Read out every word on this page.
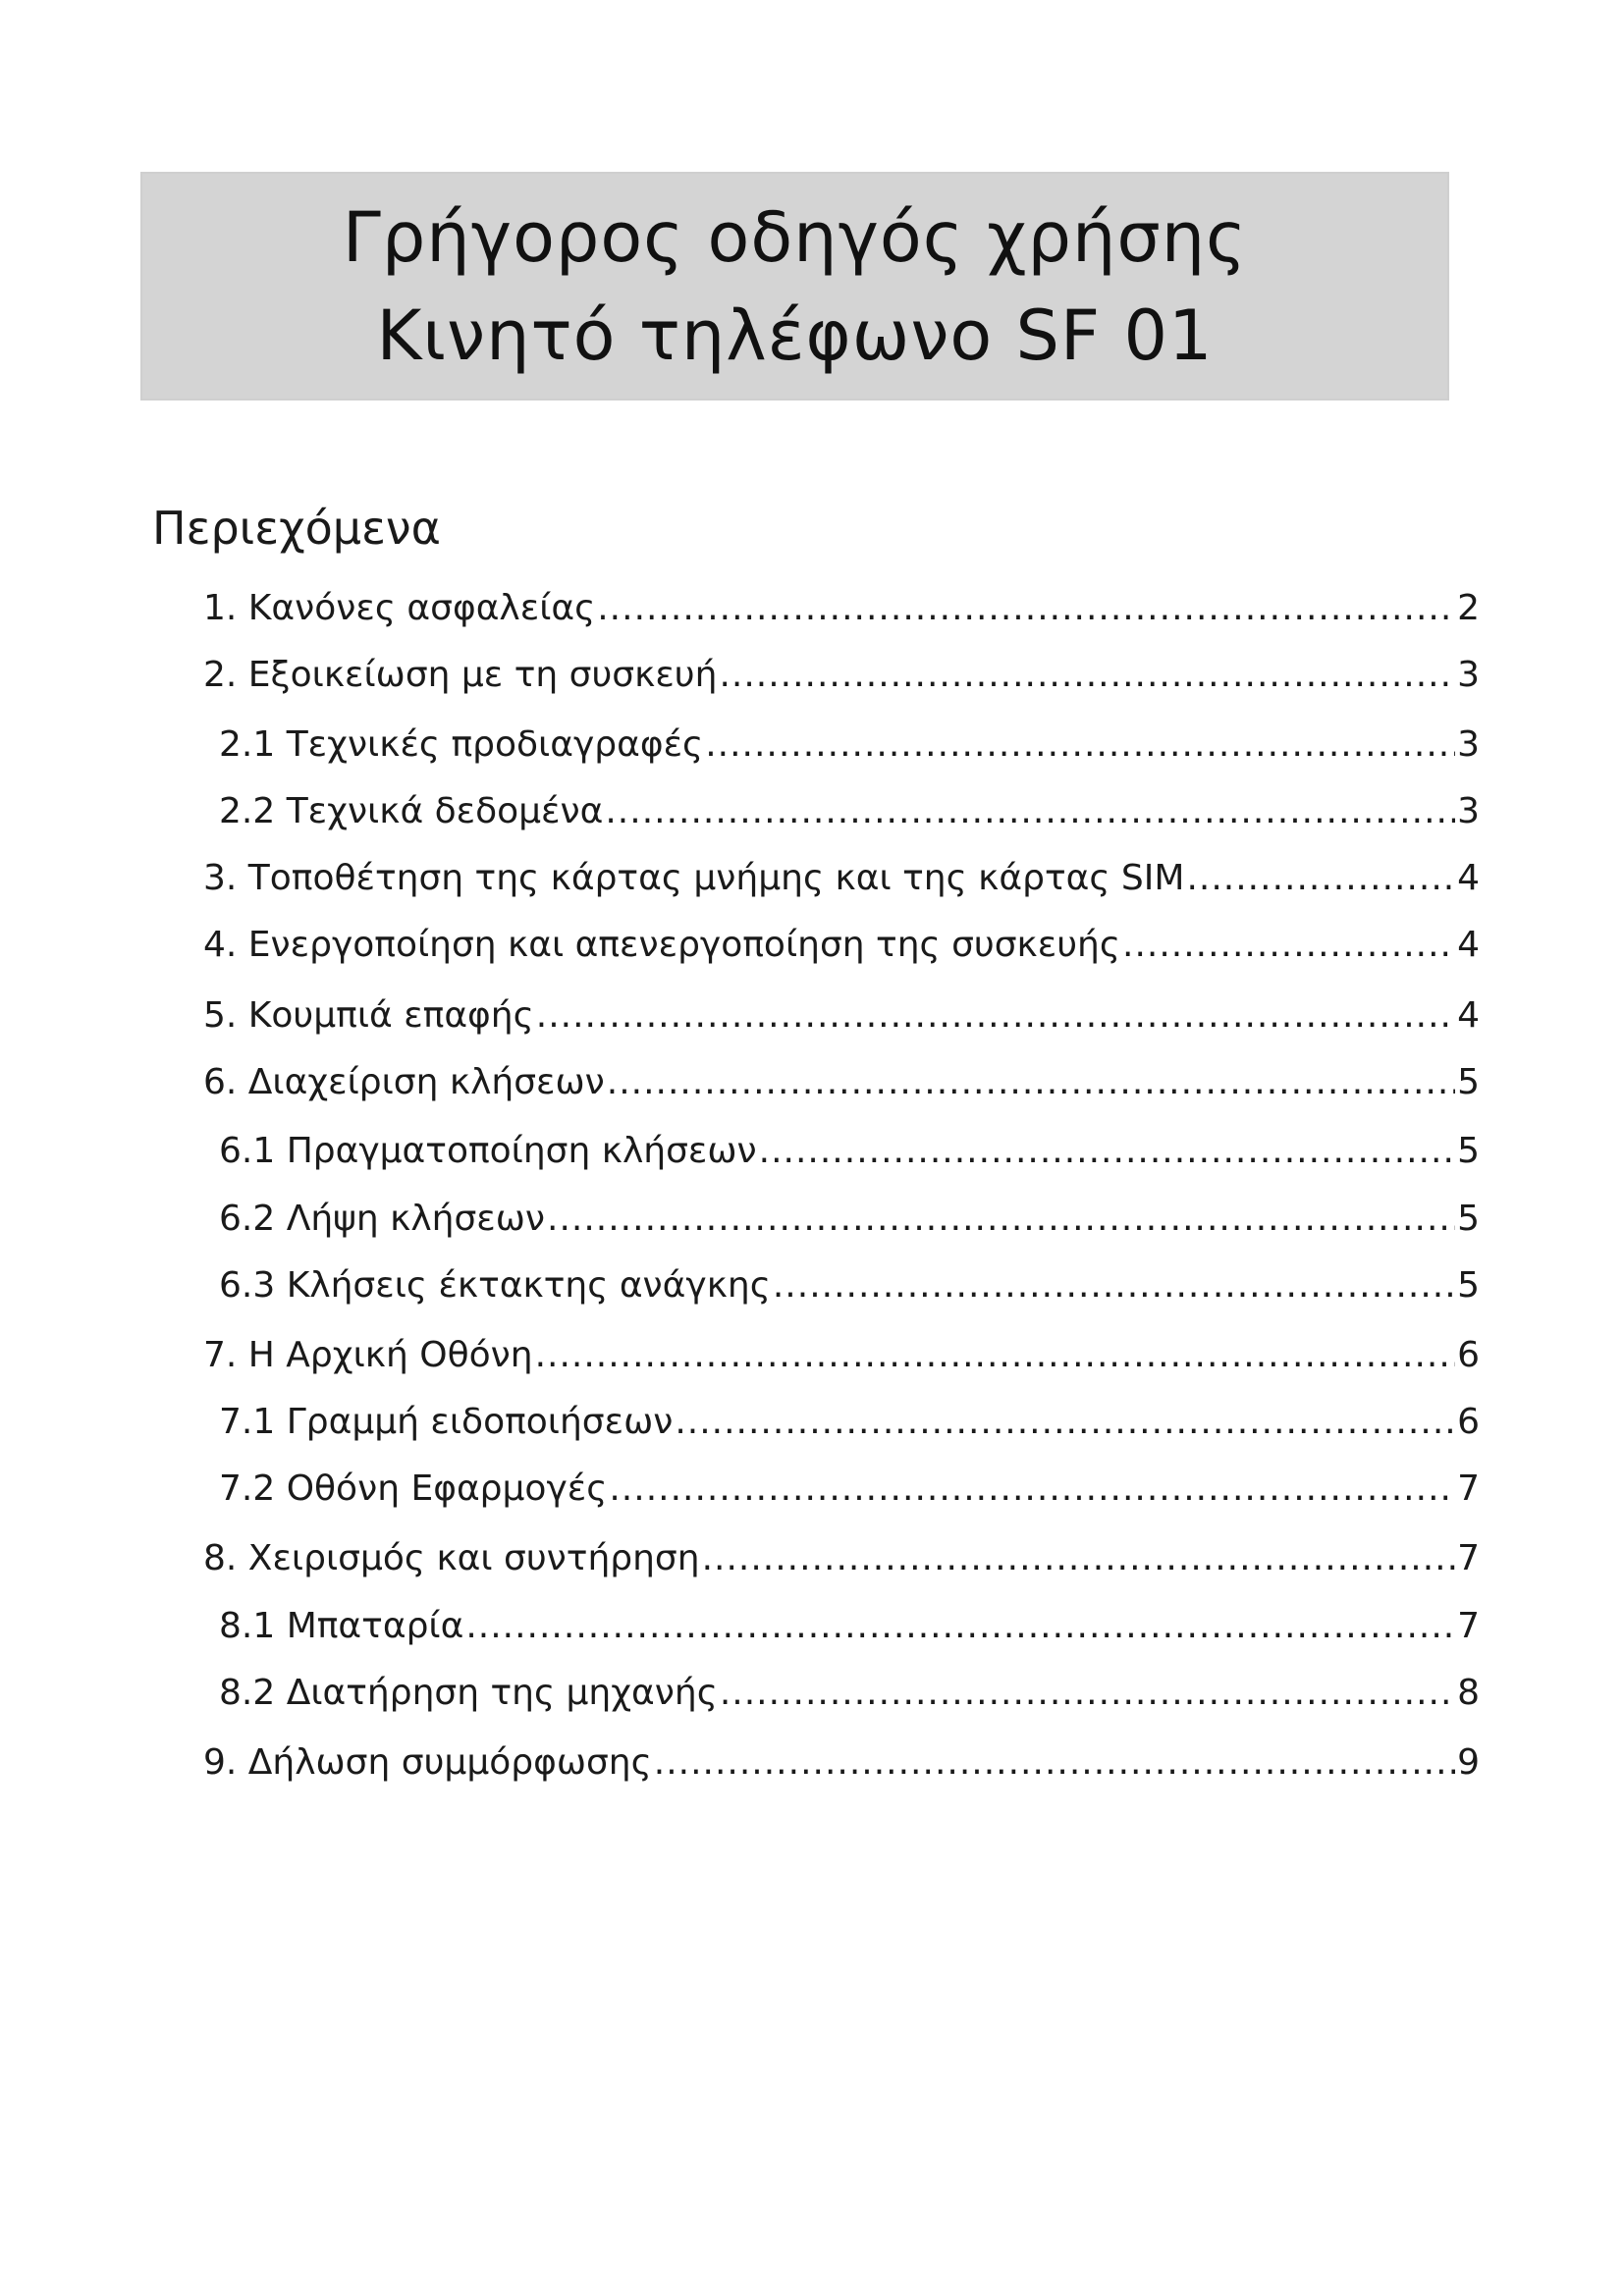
Γρήγορος οδηγός χρήσης
Κινητό τηλέφωνο SF 01
Περιεχόμενα
1. Κανόνες ασφαλείας .....	2
2. Εξοικείωση με τη συσκευή .....	3
2.1 Τεχνικές προδιαγραφές .....	3
2.2 Τεχνικά δεδομένα .....	3
3. Τοποθέτηση της κάρτας μνήμης και της κάρτας SIM .....	4
4. Ενεργοποίηση και απενεργοποίηση της συσκευής .....	4
5. Κουμπιά επαφής .....	4
6. Διαχείριση κλήσεων .....	5
6.1 Πραγματοποίηση κλήσεων .....	5
6.2 Λήψη κλήσεων .....	5
6.3 Κλήσεις έκτακτης ανάγκης .....	5
7. Η Αρχική Οθόνη .....	6
7.1 Γραμμή ειδοποιήσεων .....	6
7.2 Οθόνη Εφαρμογές .....	7
8. Χειρισμός και συντήρηση .....	7
8.1 Μπαταρία .....	7
8.2 Διατήρηση της μηχανής .....	8
9. Δήλωση συμμόρφωσης .....	9
